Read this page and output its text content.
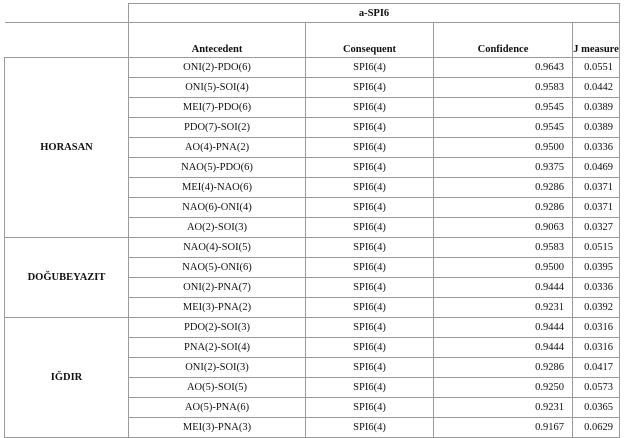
	a-SPI6			
	Antecedent	Consequent	Confidence	J measure
HORASAN	ONI(2)-PDO(6)	SPI6(4)	0.9643	0.0551
	ONI(5)-SOI(4)	SPI6(4)	0.9583	0.0442
	MEI(7)-PDO(6)	SPI6(4)	0.9545	0.0389
	PDO(7)-SOI(2)	SPI6(4)	0.9545	0.0389
	AO(4)-PNA(2)	SPI6(4)	0.9500	0.0336
	NAO(5)-PDO(6)	SPI6(4)	0.9375	0.0469
	MEI(4)-NAO(6)	SPI6(4)	0.9286	0.0371
	NAO(6)-ONI(4)	SPI6(4)	0.9286	0.0371
	AO(2)-SOI(3)	SPI6(4)	0.9063	0.0327
DOĞUBEYAZIT	NAO(4)-SOI(5)	SPI6(4)	0.9583	0.0515
	NAO(5)-ONI(6)	SPI6(4)	0.9500	0.0395
	ONI(2)-PNA(7)	SPI6(4)	0.9444	0.0336
	MEI(3)-PNA(2)	SPI6(4)	0.9231	0.0392
IĞDIR	PDO(2)-SOI(3)	SPI6(4)	0.9444	0.0316
	PNA(2)-SOI(4)	SPI6(4)	0.9444	0.0316
	ONI(2)-SOI(3)	SPI6(4)	0.9286	0.0417
	AO(5)-SOI(5)	SPI6(4)	0.9250	0.0573
	AO(5)-PNA(6)	SPI6(4)	0.9231	0.0365
	MEI(3)-PNA(3)	SPI6(4)	0.9167	0.0629
